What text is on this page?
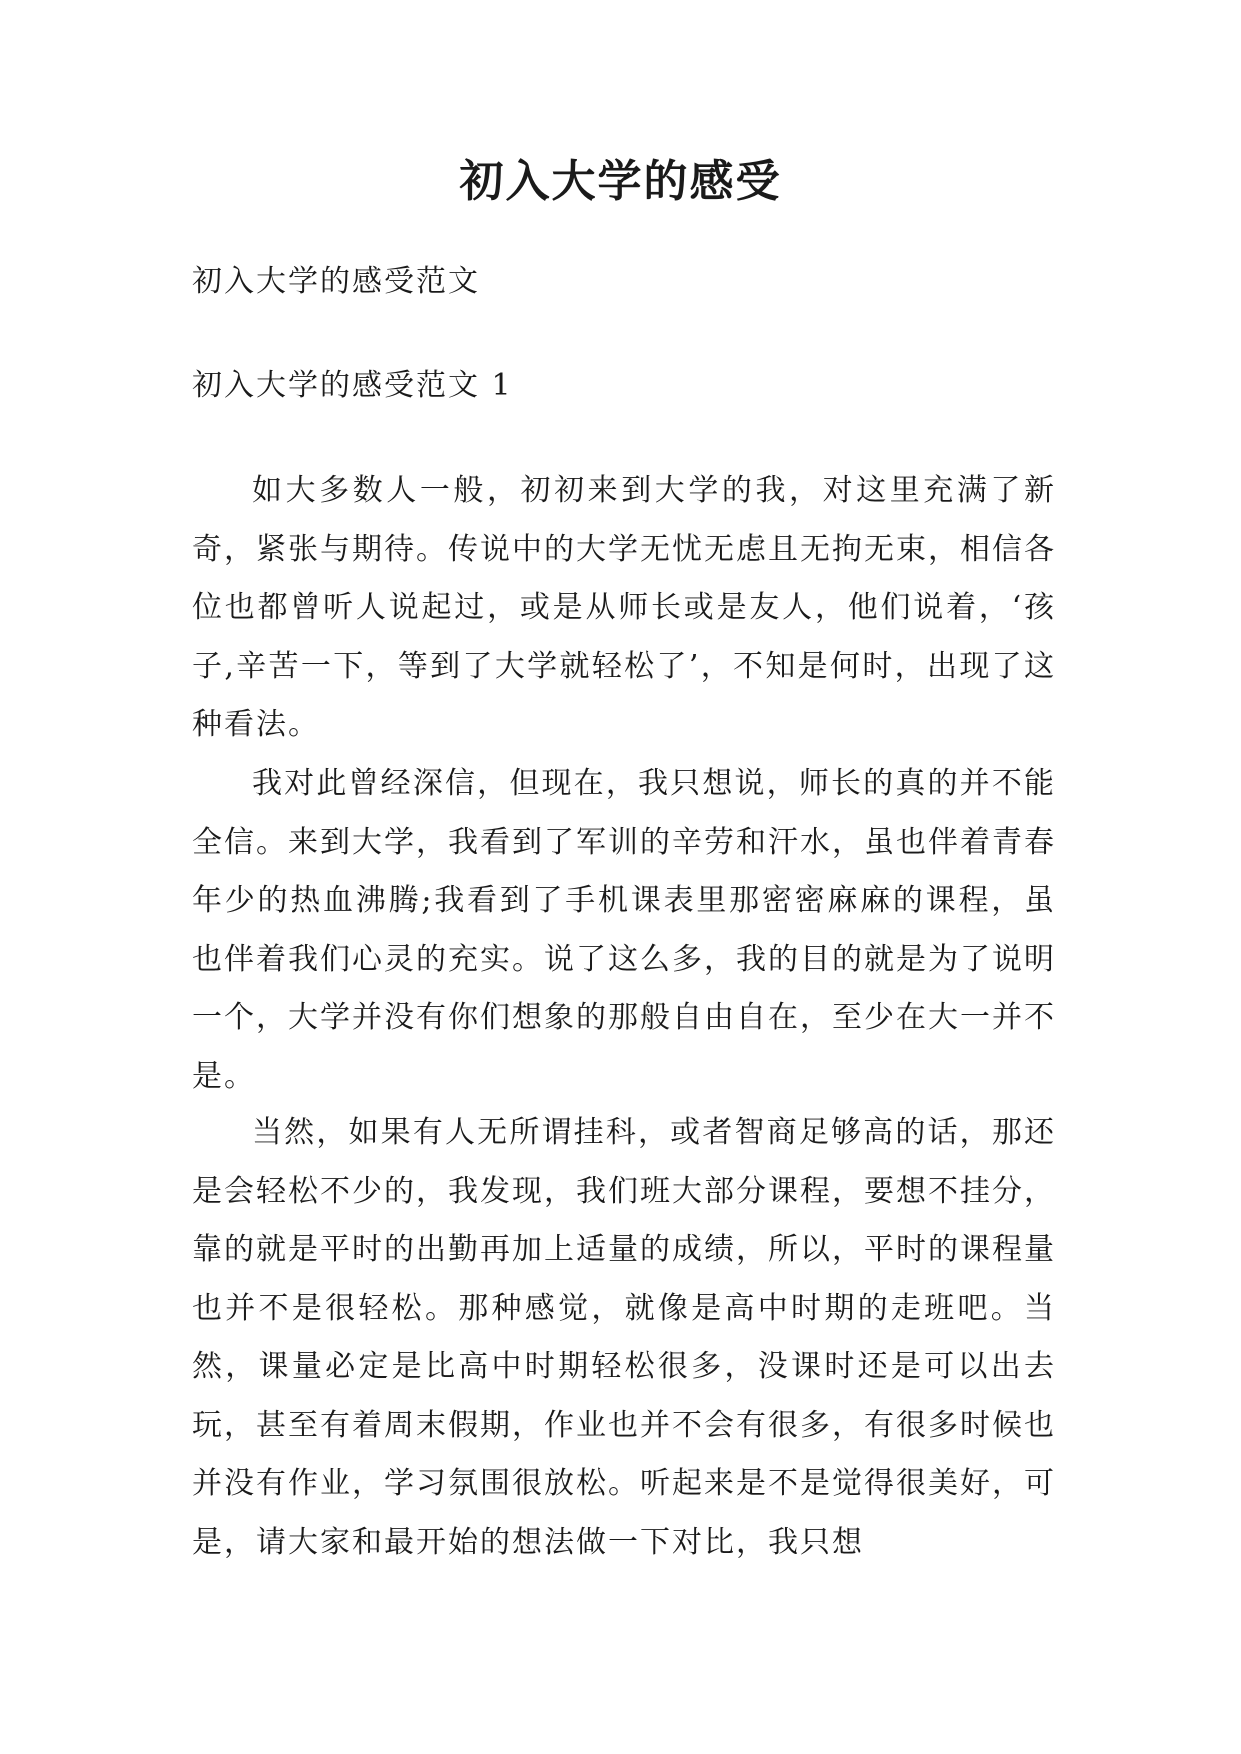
初入大学的感受

初入大学的感受范文

初入大学的感受范文 1

如大多数人一般，初初来到大学的我，对这里充满了新奇，紧张与期待。传说中的大学无忧无虑且无拘无束，相信各位也都曾听人说起过，或是从师长或是友人，他们说着，‘孩子,辛苦一下，等到了大学就轻松了’，不知是何时，出现了这种看法。

我对此曾经深信，但现在，我只想说，师长的真的并不能全信。来到大学，我看到了军训的辛劳和汗水，虽也伴着青春年少的热血沸腾;我看到了手机课表里那密密麻麻的课程，虽也伴着我们心灵的充实。说了这么多，我的目的就是为了说明一个，大学并没有你们想象的那般自由自在，至少在大一并不是。

当然，如果有人无所谓挂科，或者智商足够高的话，那还是会轻松不少的，我发现，我们班大部分课程，要想不挂分，靠的就是平时的出勤再加上适量的成绩，所以，平时的课程量也并不是很轻松。那种感觉，就像是高中时期的走班吧。当然，课量必定是比高中时期轻松很多，没课时还是可以出去玩，甚至有着周末假期，作业也并不会有很多，有很多时候也并没有作业，学习氛围很放松。听起来是不是觉得很美好，可是，请大家和最开始的想法做一下对比，我只想
